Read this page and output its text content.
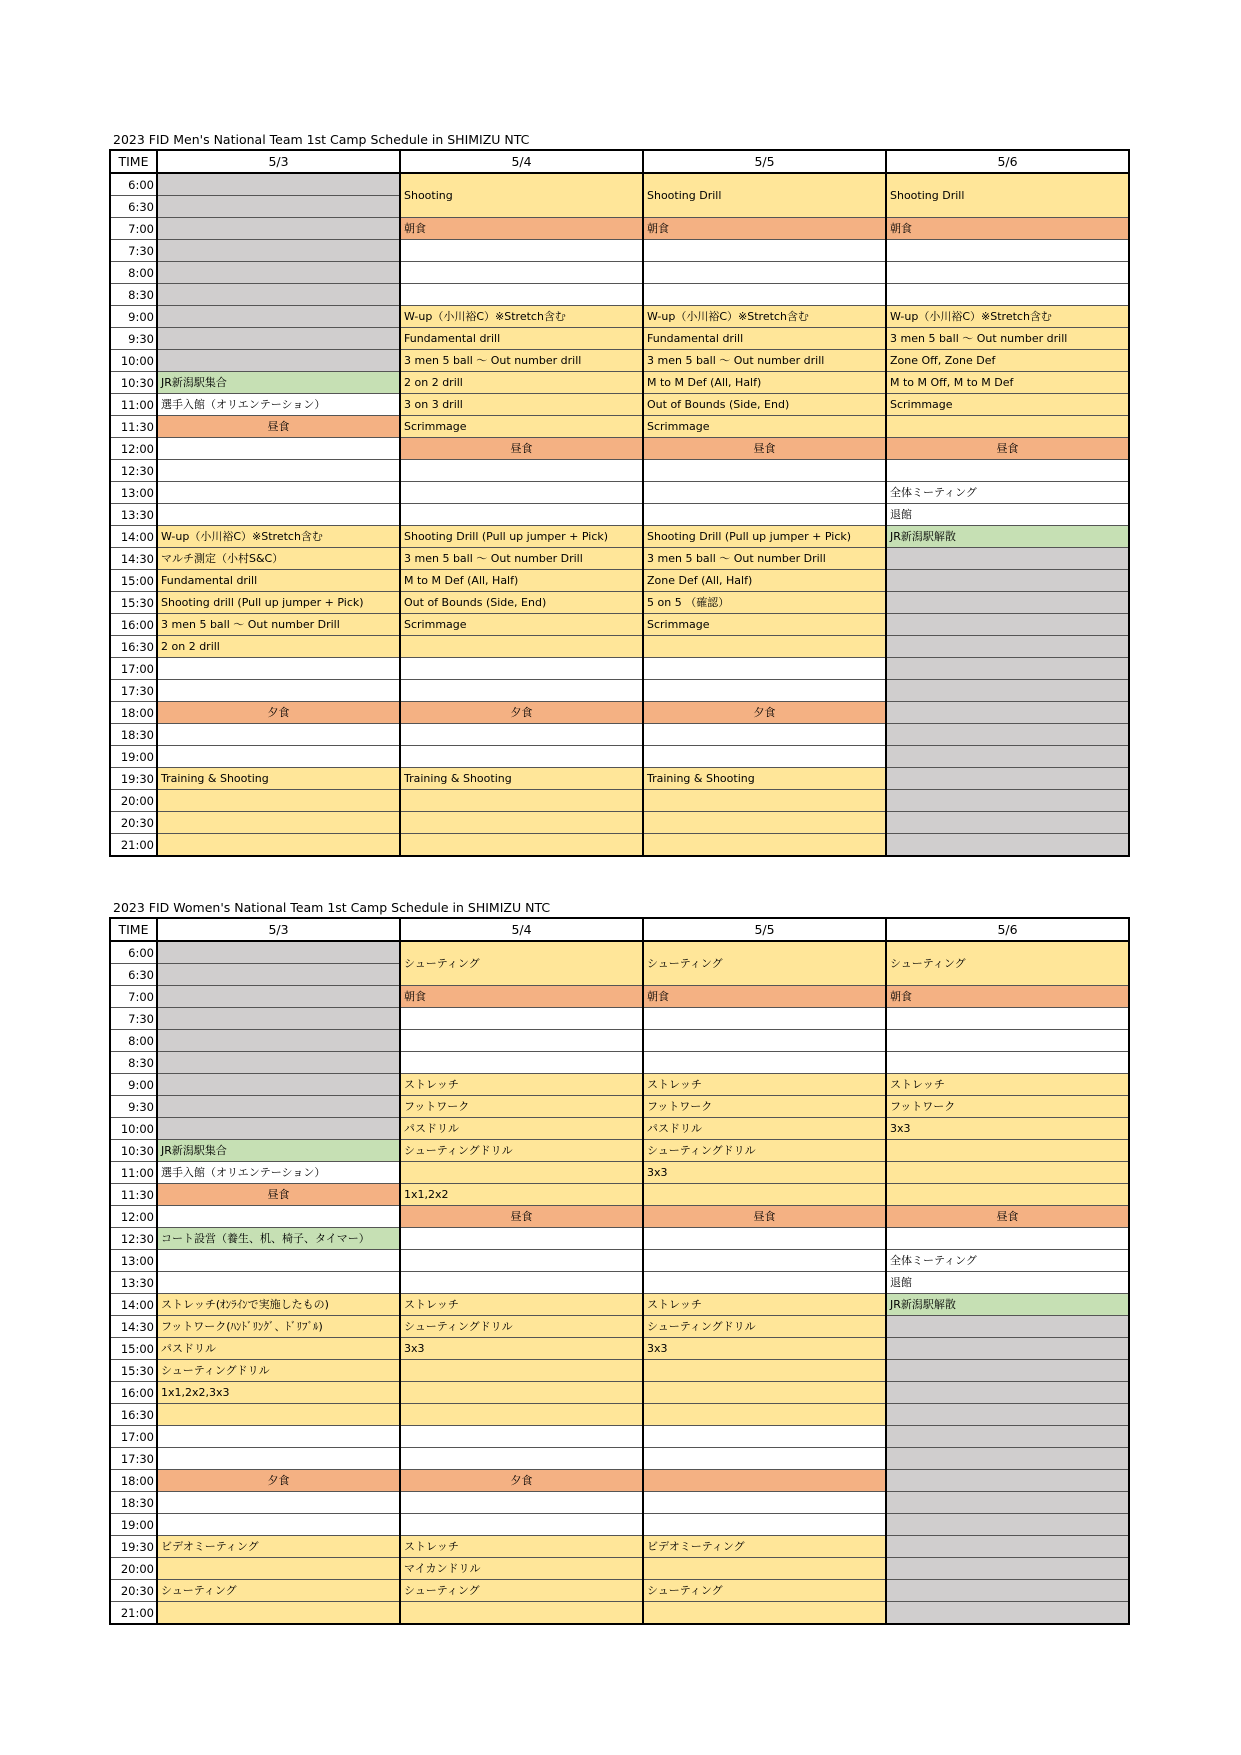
2023 FID Men's National Team 1st Camp Schedule in SHIMIZU NTC
TIME	5/3	5/4	5/5	5/6
6:00		Shooting	Shooting Drill	Shooting Drill
6:30				
7:00		朝食	朝食	朝食
7:30				
8:00				
8:30				
9:00		W-up（小川裕C）※Stretch含む	W-up（小川裕C）※Stretch含む	W-up（小川裕C）※Stretch含む
9:30		Fundamental drill	Fundamental drill	3 men 5 ball ～ Out number drill
10:00		3 men 5 ball ～ Out number drill	3 men 5 ball ～ Out number drill	Zone Off, Zone Def
10:30	JR新潟駅集合	2 on 2 drill	M to M Def (All, Half)	M to M Off, M to M Def
11:00	選手入館（オリエンテーション）	3 on 3 drill	Out of Bounds (Side, End)	Scrimmage
11:30	昼食	Scrimmage	Scrimmage	
12:00		昼食	昼食	昼食
12:30				
13:00				全体ミーティング
13:30				退館
14:00	W-up（小川裕C）※Stretch含む	Shooting Drill (Pull up jumper + Pick)	Shooting Drill (Pull up jumper + Pick)	JR新潟駅解散
14:30	マルチ測定（小村S&C）	3 men 5 ball ～ Out number Drill	3 men 5 ball ～ Out number Drill	
15:00	Fundamental drill	M to M Def (All, Half)	Zone Def (All, Half)	
15:30	Shooting drill (Pull up jumper + Pick)	Out of Bounds (Side, End)	5 on 5 （確認）	
16:00	3 men 5 ball ～ Out number Drill	Scrimmage	Scrimmage	
16:30	2 on 2 drill			
17:00				
17:30				
18:00	夕食	夕食	夕食	
18:30				
19:00				
19:30	Training & Shooting	Training & Shooting	Training & Shooting	
20:00				
20:30				
21:00				
2023 FID Women's National Team 1st Camp Schedule in SHIMIZU NTC
TIME	5/3	5/4	5/5	5/6
6:00		シューティング	シューティング	シューティング
6:30				
7:00		朝食	朝食	朝食
7:30				
8:00				
8:30				
9:00		ストレッチ	ストレッチ	ストレッチ
9:30		フットワーク	フットワーク	フットワーク
10:00		パスドリル	パスドリル	3x3
10:30	JR新潟駅集合	シューティングドリル	シューティングドリル	
11:00	選手入館（オリエンテーション）		3x3	
11:30	昼食	1x1,2x2		
12:00		昼食	昼食	昼食
12:30	コート設営（養生、机、椅子、タイマー）			
13:00				全体ミーティング
13:30				退館
14:00	ストレッチ(ｵﾝﾗｲﾝで実施したもの)	ストレッチ	ストレッチ	JR新潟駅解散
14:30	フットワーク(ﾊﾝﾄﾞﾘﾝｸﾞ、ﾄﾞﾘﾌﾞﾙ)	シューティングドリル	シューティングドリル	
15:00	パスドリル	3x3	3x3	
15:30	シューティングドリル			
16:00	1x1,2x2,3x3			
16:30				
17:00				
17:30				
18:00	夕食	夕食		
18:30				
19:00				
19:30	ビデオミーティング	ストレッチ	ビデオミーティング	
20:00		マイカンドリル		
20:30	シューティング	シューティング	シューティング	
21:00				
